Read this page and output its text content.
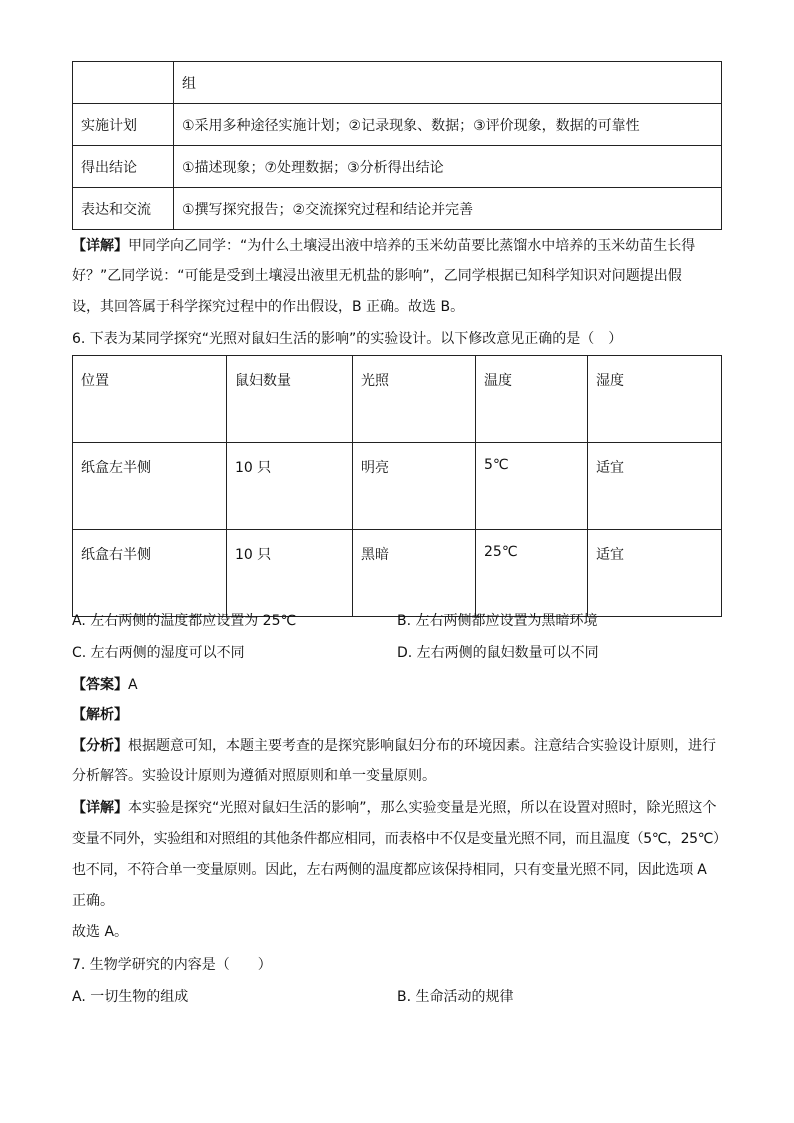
	组
实施计划	①采用多种途径实施计划；②记录现象、数据；③评价现象，数据的可靠性
得出结论	①描述现象；⑦处理数据；③分析得出结论
表达和交流	①撰写探究报告；②交流探究过程和结论并完善
【详解】甲同学向乙同学：“为什么土壤浸出液中培养的玉米幼苗要比蒸馏水中培养的玉米幼苗生长得
好？”乙同学说：“可能是受到土壤浸出液里无机盐的影响”，乙同学根据已知科学知识对问题提出假
设，其回答属于科学探究过程中的作出假设，B 正确。故选 B。
6. 下表为某同学探究“光照对鼠妇生活的影响”的实验设计。以下修改意见正确的是（　）
位置	鼠妇数量	光照	温度	湿度
纸盒左半侧	10 只	明亮	5℃	适宜
纸盒右半侧	10 只	黑暗	25℃	适宜
A. 左右两侧的温度都应设置为 25℃	B. 左右两侧都应设置为黑暗环境
C. 左右两侧的湿度可以不同	D. 左右两侧的鼠妇数量可以不同
【答案】A
【解析】
【分析】根据题意可知，本题主要考查的是探究影响鼠妇分布的环境因素。注意结合实验设计原则，进行
分析解答。实验设计原则为遵循对照原则和单一变量原则。
【详解】本实验是探究“光照对鼠妇生活的影响”，那么实验变量是光照，所以在设置对照时，除光照这个
变量不同外，实验组和对照组的其他条件都应相同，而表格中不仅是变量光照不同，而且温度（5℃，25℃）
也不同，不符合单一变量原则。因此，左右两侧的温度都应该保持相同，只有变量光照不同，因此选项 A
正确。
故选 A。
7. 生物学研究的内容是（　　）
A. 一切生物的组成	B. 生命活动的规律
